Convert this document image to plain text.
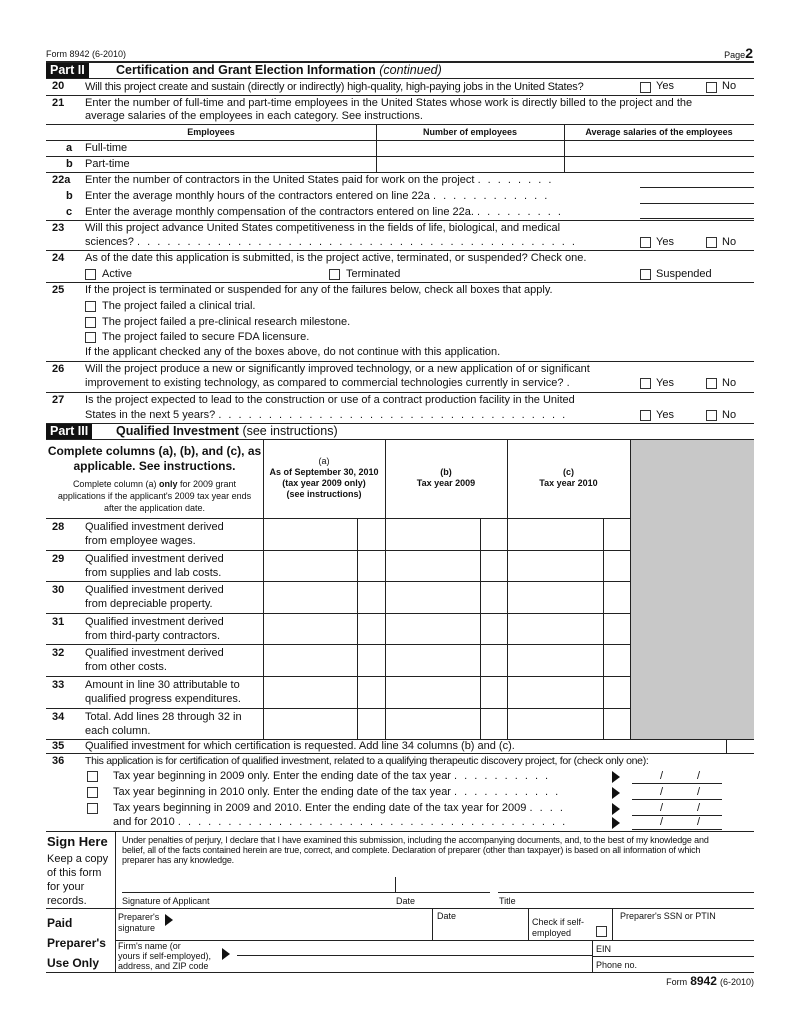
Form 8942 (6-2010)	Page2
Part II	Certification and Grant Election Information (continued)
20 Will this project create and sustain (directly or indirectly) high-quality, high-paying jobs in the United States?	Yes	No
21 Enter the number of full-time and part-time employees in the United States whose work is directly billed to the project and the
average salaries of the employees in each category. See instructions.
Employees	Number of employees	Average salaries of the employees
a Full-time
b Part-time
22a Enter the number of contractors in the United States paid for work on the project . . . . . . . .
b Enter the average monthly hours of the contractors entered on line 22a . . . . . . . . . . . .
c Enter the average monthly compensation of the contractors entered on line 22a. . . . . . . . . .
23 Will this project advance United States competitiveness in the fields of life, biological, and medical
sciences? . . . . . . . . . . . . . . . . . . . . . . . . . . . . . . . . . . . . . . . . . . . .	Yes	No
24 As of the date this application is submitted, is the project active, terminated, or suspended? Check one.
Active	Terminated	Suspended
25 If the project is terminated or suspended for any of the failures below, check all boxes that apply.
The project failed a clinical trial.
The project failed a pre-clinical research milestone.
The project failed to secure FDA licensure.
If the applicant checked any of the boxes above, do not continue with this application.
26 Will the project produce a new or significantly improved technology, or a new application of or significant
improvement to existing technology, as compared to commercial technologies currently in service? .	Yes	No
27 Is the project expected to lead to the construction or use of a contract production facility in the United
States in the next 5 years? . . . . . . . . . . . . . . . . . . . . . . . . . . . . . . . . . . .	Yes	No
Part III	Qualified Investment (see instructions)
Complete columns (a), (b), and (c), as
applicable. See instructions.
Complete column (a) only for 2009 grant
applications if the applicant's 2009 tax year ends
after the application date.
(a)
As of September 30, 2010
(tax year 2009 only)
(see instructions)
(b)
Tax year 2009
(c)
Tax year 2010
28 Qualified investment derived
from employee wages.
29 Qualified investment derived
from supplies and lab costs.
30 Qualified investment derived
from depreciable property.
31 Qualified investment derived
from third-party contractors.
32 Qualified investment derived
from other costs.
33 Amount in line 30 attributable to
qualified progress expenditures.
34 Total. Add lines 28 through 32 in
each column.
35 Qualified investment for which certification is requested. Add line 34 columns (b) and (c).
36 This application is for certification of qualified investment, related to a qualifying therapeutic discovery project, for (check only one):
Tax year beginning in 2009 only. Enter the ending date of the tax year . . . . . . . . . .	/	/
Tax year beginning in 2010 only. Enter the ending date of the tax year . . . . . . . . . . .	/	/
Tax years beginning in 2009 and 2010. Enter the ending date of the tax year for 2009 . . . .	/	/
and for 2010 . . . . . . . . . . . . . . . . . . . . . . . . . . . . . . . . . . . . . . .	/	/
Sign Here
Keep a copy
of this form
for your
records.
Under penalties of perjury, I declare that I have examined this submission, including the accompanying documents, and, to the best of my knowledge and
belief, all of the facts contained herein are true, correct, and complete. Declaration of preparer (other than taxpayer) is based on all information of which
preparer has any knowledge.
Signature of Applicant	Date	Title
Paid
Preparer's
Use Only
Preparer's
signature
Date
Check if self-
employed
Preparer's SSN or PTIN
Firm's name (or
yours if self-employed),
address, and ZIP code
EIN
Phone no.
Form 8942 (6-2010)
